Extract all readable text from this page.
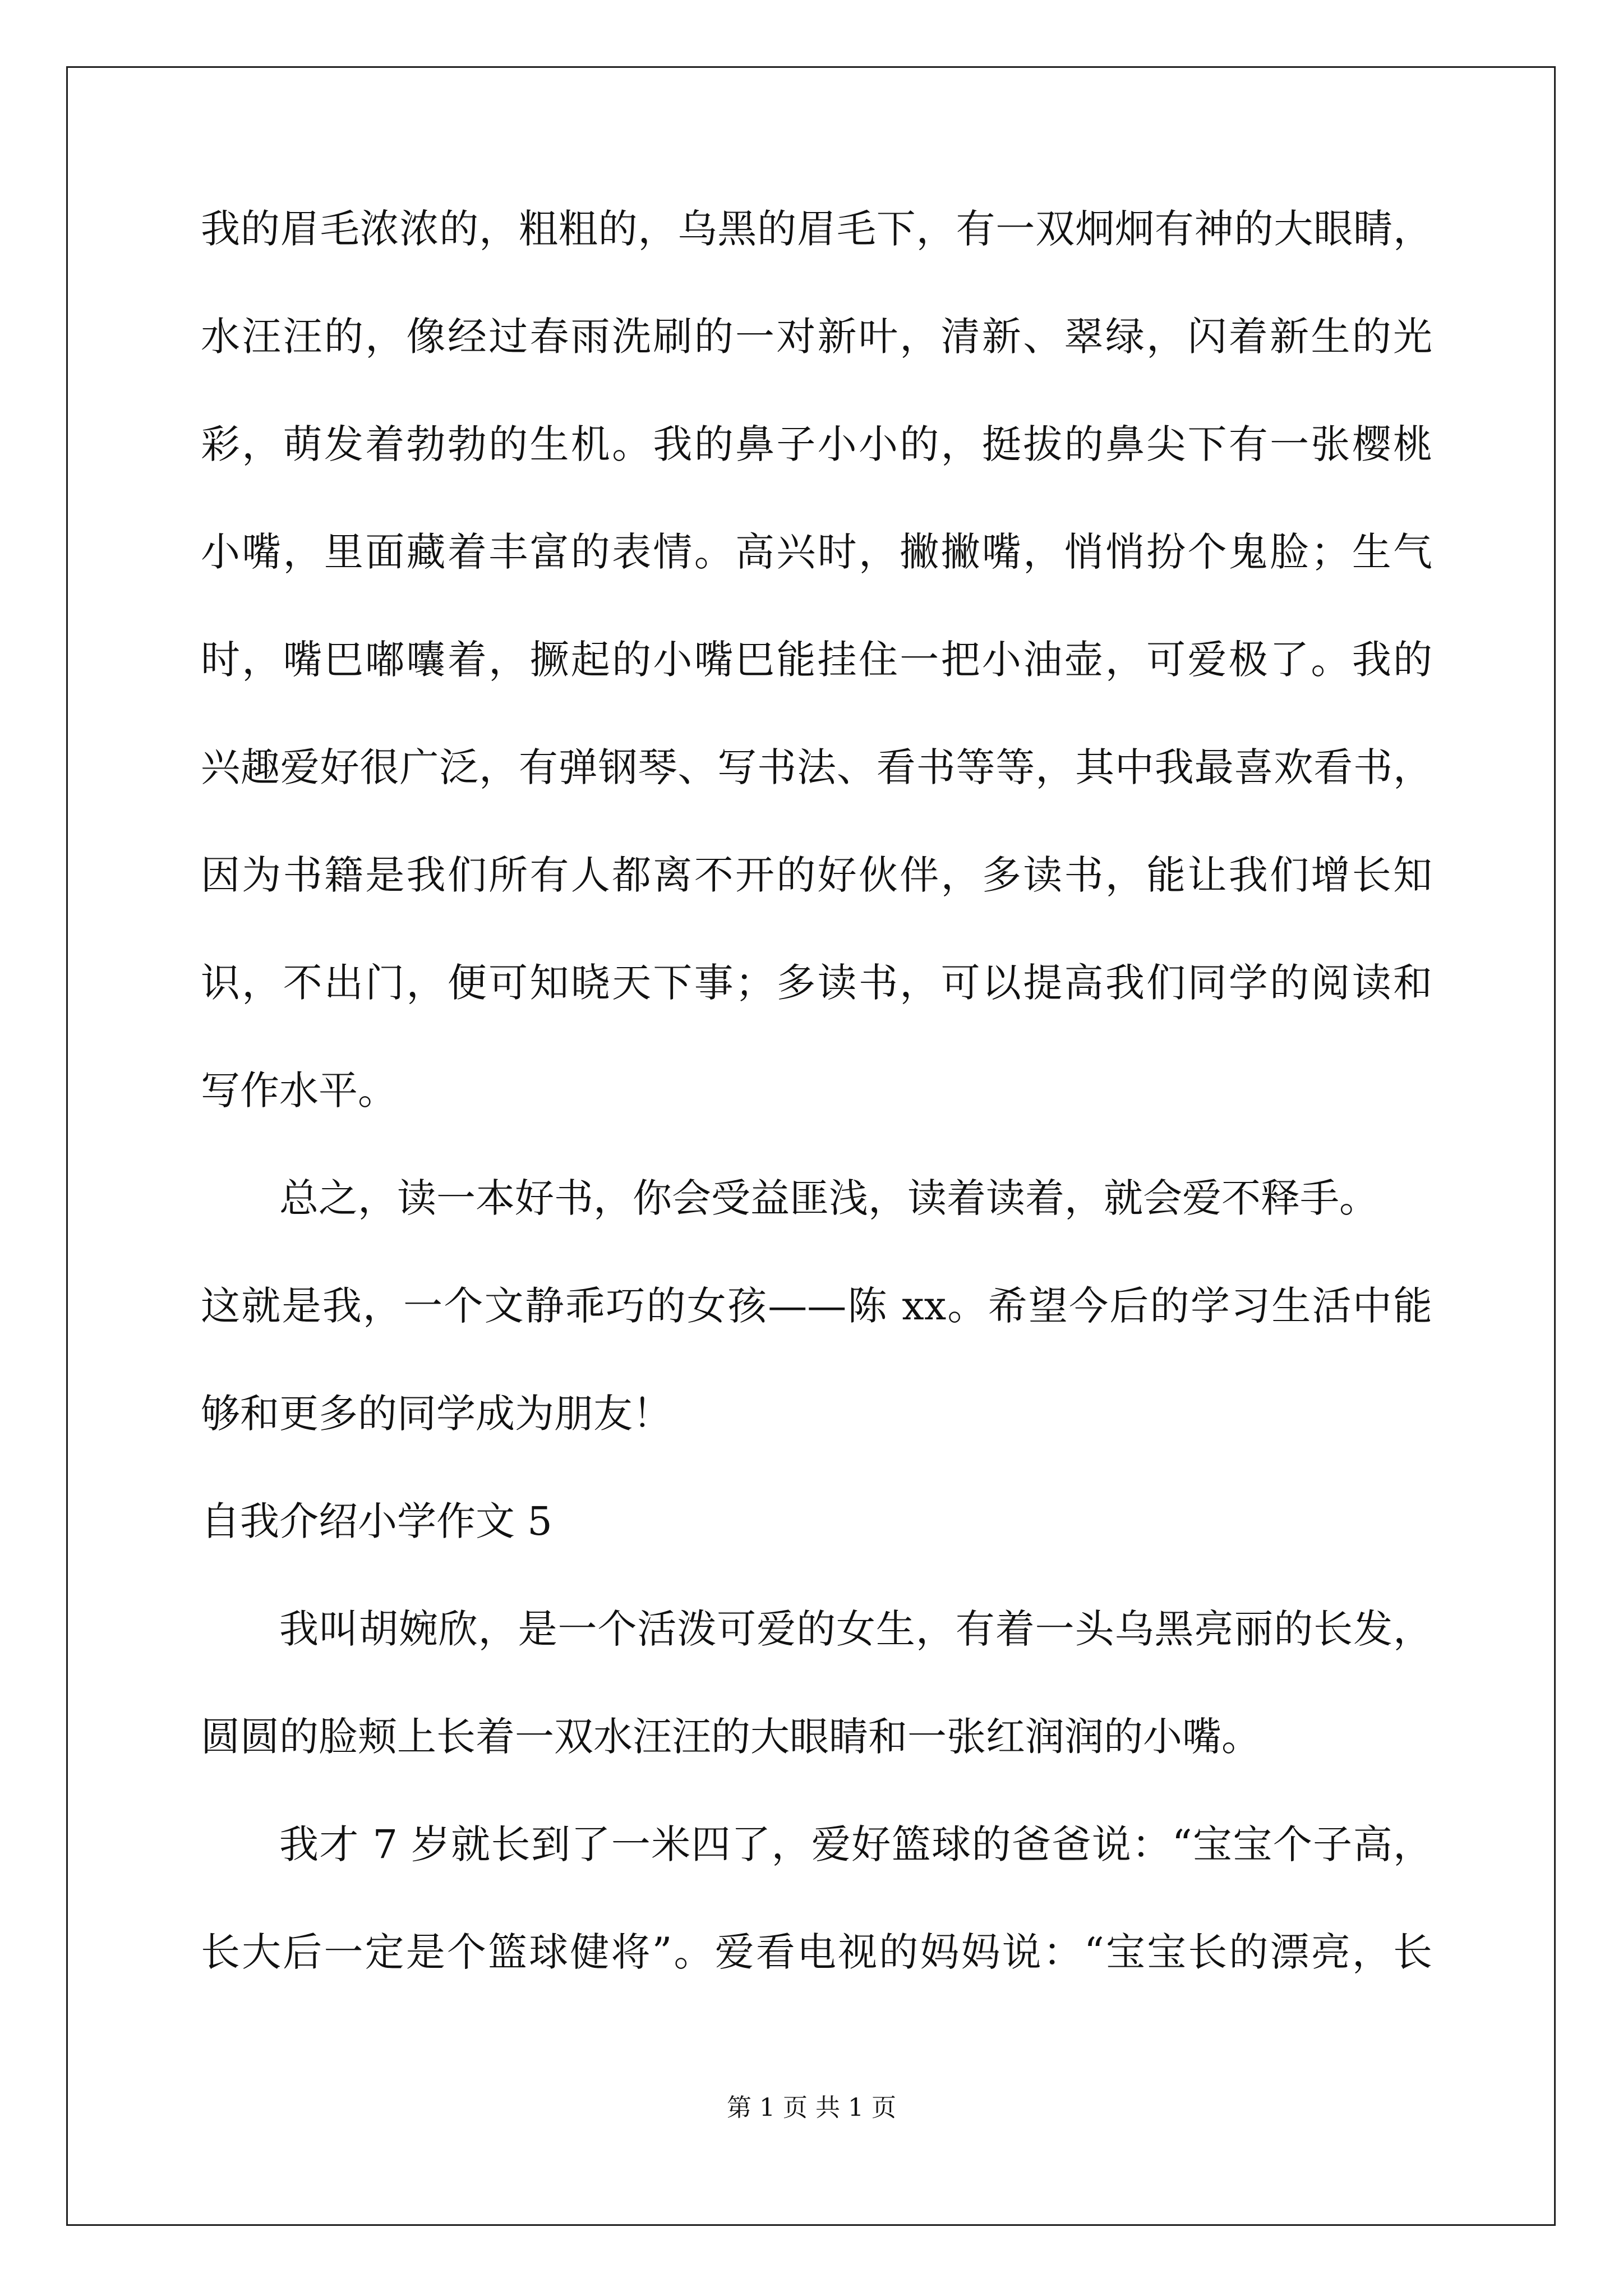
我的眉毛浓浓的，粗粗的，乌黑的眉毛下，有一双炯炯有神的大眼睛，
水汪汪的，像经过春雨洗刷的一对新叶，清新、翠绿，闪着新生的光
彩，萌发着勃勃的生机。我的鼻子小小的，挺拔的鼻尖下有一张樱桃
小嘴，里面藏着丰富的表情。高兴时，撇撇嘴，悄悄扮个鬼脸；生气
时，嘴巴嘟囔着，撅起的小嘴巴能挂住一把小油壶，可爱极了。我的
兴趣爱好很广泛，有弹钢琴、写书法、看书等等，其中我最喜欢看书，
因为书籍是我们所有人都离不开的好伙伴，多读书，能让我们增长知
识，不出门，便可知晓天下事；多读书，可以提高我们同学的阅读和
写作水平。
总之，读一本好书，你会受益匪浅，读着读着，就会爱不释手。
这就是我，一个文静乖巧的女孩——陈 xx。希望今后的学习生活中能
够和更多的同学成为朋友！
自我介绍小学作文 5
我叫胡婉欣，是一个活泼可爱的女生，有着一头乌黑亮丽的长发，
圆圆的脸颊上长着一双水汪汪的大眼睛和一张红润润的小嘴。
我才 7 岁就长到了一米四了，爱好篮球的爸爸说：“宝宝个子高，
长大后一定是个篮球健将”。爱看电视的妈妈说：“宝宝长的漂亮，长
第 1 页 共 1 页
